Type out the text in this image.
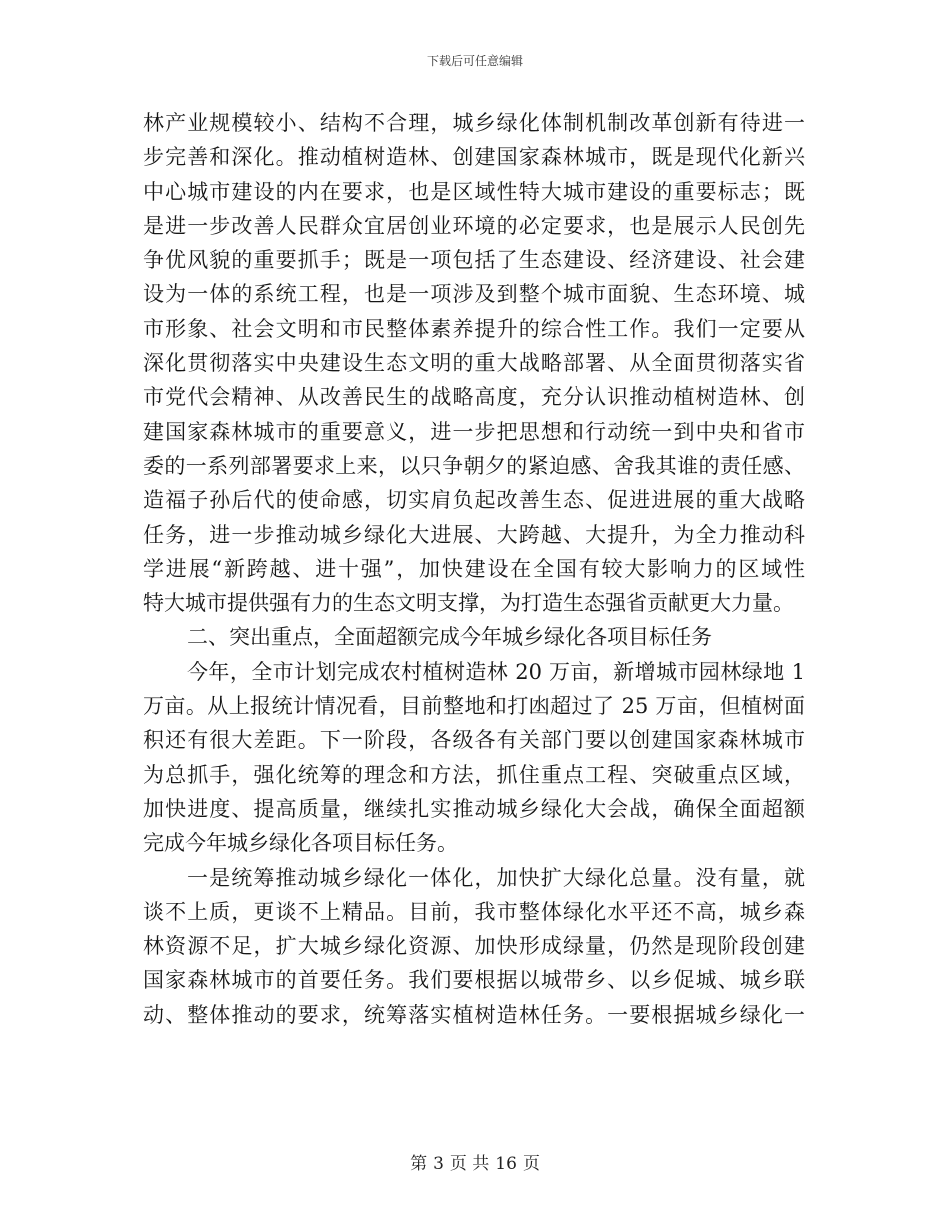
下载后可任意编辑
林产业规模较小、结构不合理，城乡绿化体制机制改革创新有待进一
步完善和深化。推动植树造林、创建国家森林城市，既是现代化新兴
中心城市建设的内在要求，也是区域性特大城市建设的重要标志；既
是进一步改善人民群众宜居创业环境的必定要求，也是展示人民创先
争优风貌的重要抓手；既是一项包括了生态建设、经济建设、社会建
设为一体的系统工程，也是一项涉及到整个城市面貌、生态环境、城
市形象、社会文明和市民整体素养提升的综合性工作。我们一定要从
深化贯彻落实中央建设生态文明的重大战略部署、从全面贯彻落实省
市党代会精神、从改善民生的战略高度，充分认识推动植树造林、创
建国家森林城市的重要意义，进一步把思想和行动统一到中央和省市
委的一系列部署要求上来，以只争朝夕的紧迫感、舍我其谁的责任感、
造福子孙后代的使命感，切实肩负起改善生态、促进进展的重大战略
任务，进一步推动城乡绿化大进展、大跨越、大提升，为全力推动科
学进展“新跨越、进十强”，加快建设在全国有较大影响力的区域性
特大城市提供强有力的生态文明支撑，为打造生态强省贡献更大力量。
二、突出重点，全面超额完成今年城乡绿化各项目标任务
今年，全市计划完成农村植树造林 20 万亩，新增城市园林绿地 1
万亩。从上报统计情况看，目前整地和打凼超过了 25 万亩，但植树面
积还有很大差距。下一阶段，各级各有关部门要以创建国家森林城市
为总抓手，强化统筹的理念和方法，抓住重点工程、突破重点区域，
加快进度、提高质量，继续扎实推动城乡绿化大会战，确保全面超额
完成今年城乡绿化各项目标任务。
一是统筹推动城乡绿化一体化，加快扩大绿化总量。没有量，就
谈不上质，更谈不上精品。目前，我市整体绿化水平还不高，城乡森
林资源不足，扩大城乡绿化资源、加快形成绿量，仍然是现阶段创建
国家森林城市的首要任务。我们要根据以城带乡、以乡促城、城乡联
动、整体推动的要求，统筹落实植树造林任务。一要根据城乡绿化一
第 3 页 共 16 页
